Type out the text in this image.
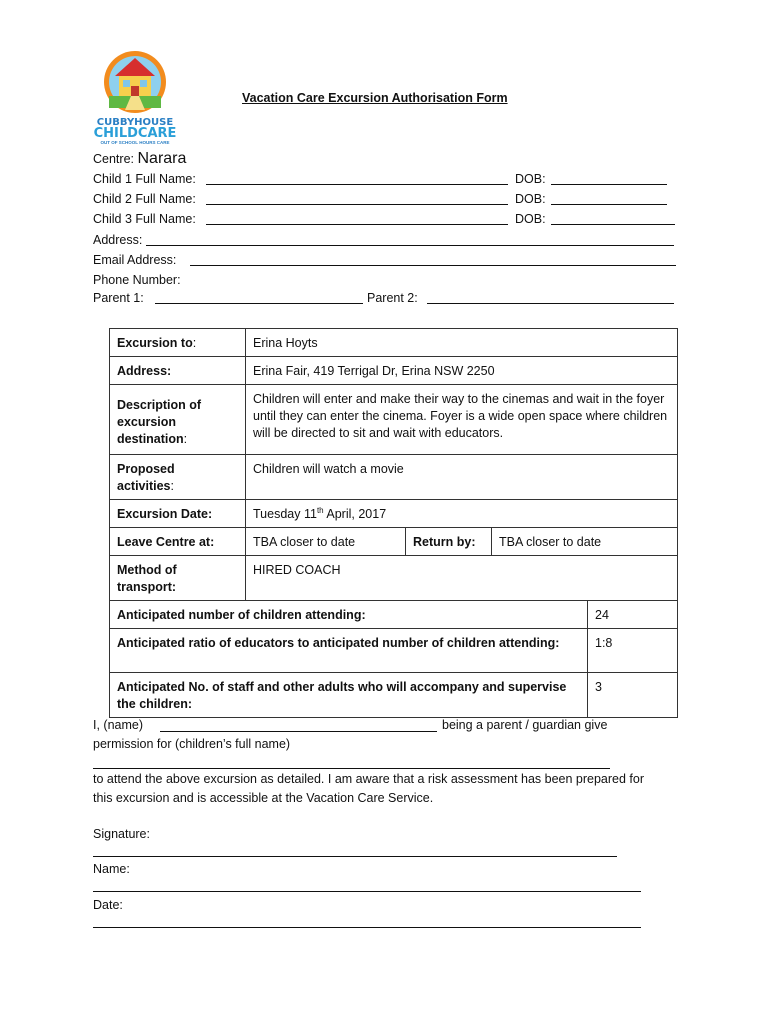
CUBBYHOUSE
CHILDCARE
OUT OF SCHOOL HOURS CARE
Vacation Care Excursion Authorisation Form
Centre: Narara
Child 1 Full Name:	DOB:
Child 2 Full Name:	DOB:
Child 3 Full Name:	DOB:
Address:
Email Address:
Phone Number:
Parent 1:	Parent 2:
Excursion to:	Erina Hoyts			
Address:	Erina Fair, 419 Terrigal Dr, Erina NSW 2250			

Description of
excursion
destination:	Children will enter and make their way to the cinemas and wait in the foyer until they can enter the cinema. Foyer is a wide open space where children will be directed to sit and wait with educators.			

Proposed
activities:	Children will watch a movie			
Excursion Date:	Tuesday 11th April, 2017			
Leave Centre at:	TBA closer to date	Return by:	TBA closer to date	

Method of
transport:	HIRED COACH			
Anticipated number of children attending:				24
Anticipated ratio of educators to anticipated number of children attending:				1:8
Anticipated No. of staff and other adults who will accompany and supervise the children:				3
I, (name)	being a parent / guardian give
permission for (children’s full name)
to attend the above excursion as detailed. I am aware that a risk assessment has been prepared for this excursion and is accessible at the Vacation Care Service.
Signature:
Name:
Date:
